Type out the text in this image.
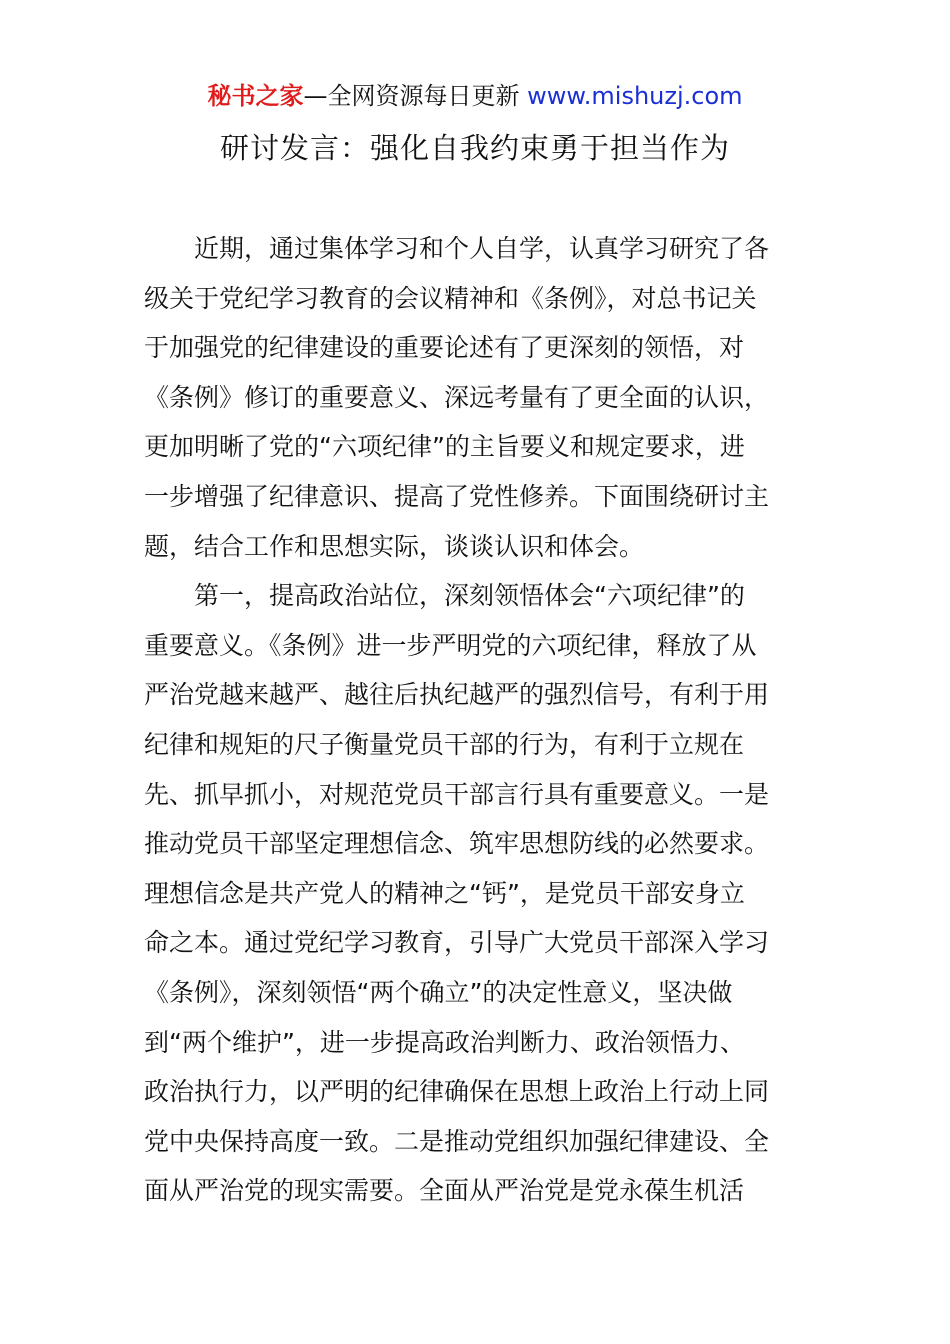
秘书之家—全网资源每日更新 www.mishuzj.com
研讨发言：强化自我约束勇于担当作为
近期，通过集体学习和个人自学，认真学习研究了各
级关于党纪学习教育的会议精神和《条例》，对总书记关
于加强党的纪律建设的重要论述有了更深刻的领悟，对
《条例》修订的重要意义、深远考量有了更全面的认识，
更加明晰了党的“六项纪律”的主旨要义和规定要求，进
一步增强了纪律意识、提高了党性修养。下面围绕研讨主
题，结合工作和思想实际，谈谈认识和体会。
第一，提高政治站位，深刻领悟体会“六项纪律”的
重要意义。《条例》进一步严明党的六项纪律，释放了从
严治党越来越严、越往后执纪越严的强烈信号，有利于用
纪律和规矩的尺子衡量党员干部的行为，有利于立规在
先、抓早抓小，对规范党员干部言行具有重要意义。一是
推动党员干部坚定理想信念、筑牢思想防线的必然要求。
理想信念是共产党人的精神之“钙”，是党员干部安身立
命之本。通过党纪学习教育，引导广大党员干部深入学习
《条例》，深刻领悟“两个确立”的决定性意义，坚决做
到“两个维护”，进一步提高政治判断力、政治领悟力、
政治执行力，以严明的纪律确保在思想上政治上行动上同
党中央保持高度一致。二是推动党组织加强纪律建设、全
面从严治党的现实需要。全面从严治党是党永葆生机活
